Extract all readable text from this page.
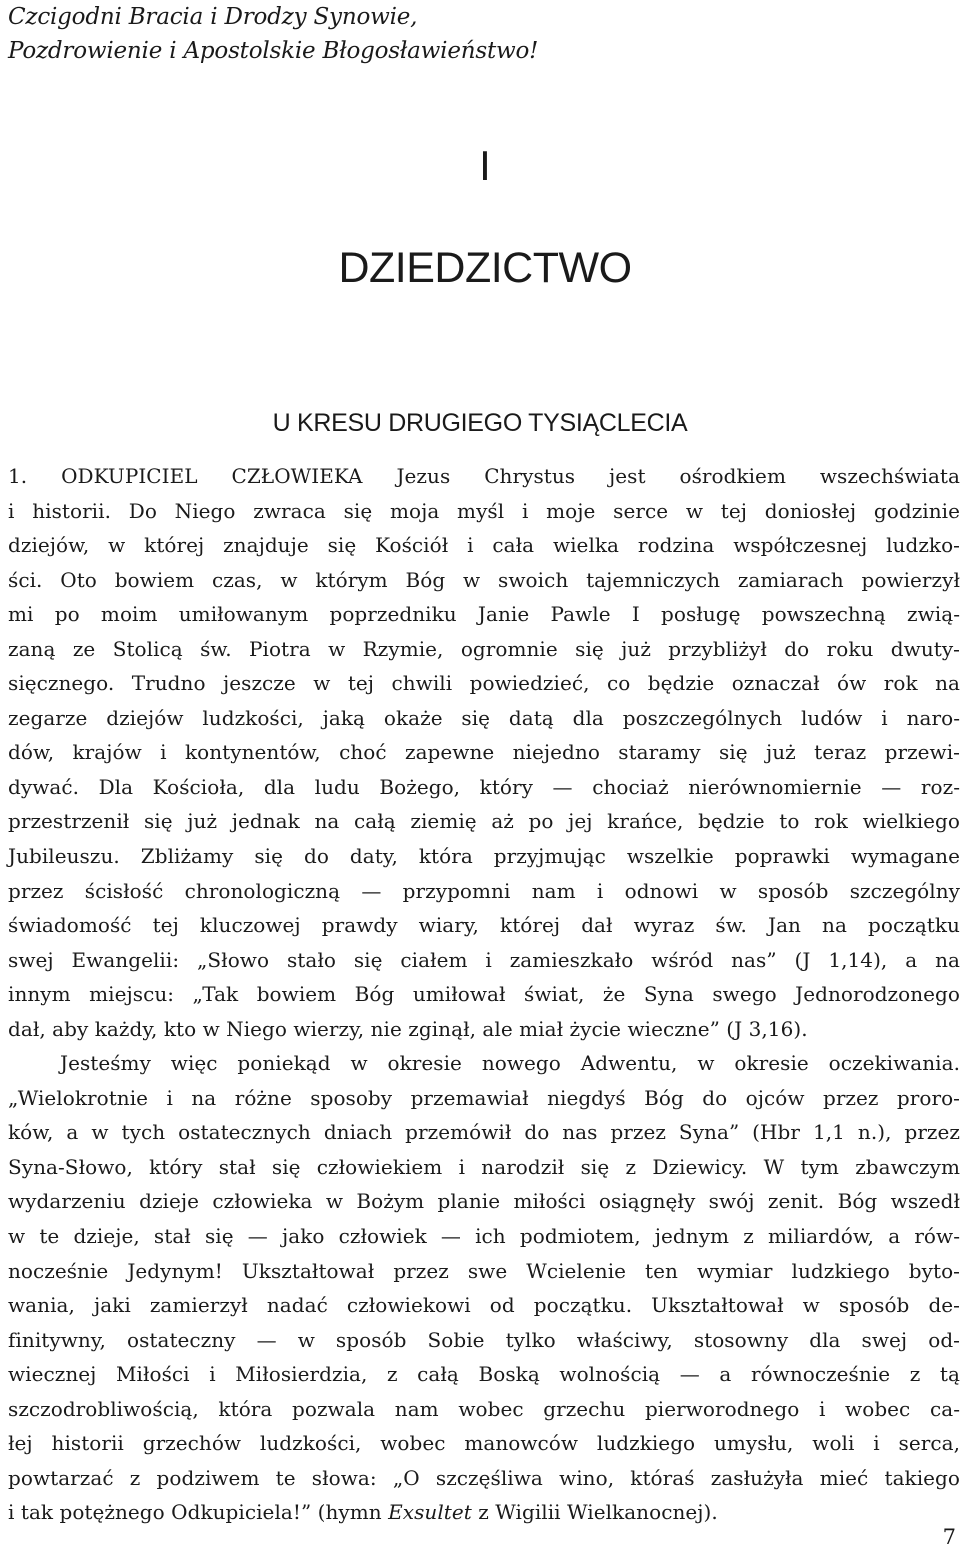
Czcigodni Bracia i Drodzy Synowie,
Pozdrowienie i Apostolskie Błogosławieństwo!
I
DZIEDZICTWO
U KRESU DRUGIEGO TYSIĄCLECIA
1. ODKUPICIEL CZŁOWIEKA Jezus Chrystus jest ośrodkiem wszechświata
i historii. Do Niego zwraca się moja myśl i moje serce w tej doniosłej godzinie
dziejów, w której znajduje się Kościół i cała wielka rodzina współczesnej ludzko-
ści. Oto bowiem czas, w którym Bóg w swoich tajemniczych zamiarach powierzył
mi po moim umiłowanym poprzedniku Janie Pawle I posługę powszechną zwią-
zaną ze Stolicą św. Piotra w Rzymie, ogromnie się już przybliżył do roku dwuty-
sięcznego. Trudno jeszcze w tej chwili powiedzieć, co będzie oznaczał ów rok na
zegarze dziejów ludzkości, jaką okaże się datą dla poszczególnych ludów i naro-
dów, krajów i kontynentów, choć zapewne niejedno staramy się już teraz przewi-
dywać. Dla Kościoła, dla ludu Bożego, który — chociaż nierównomiernie — roz-
przestrzenił się już jednak na całą ziemię aż po jej krańce, będzie to rok wielkiego
Jubileuszu. Zbliżamy się do daty, która przyjmując wszelkie poprawki wymagane
przez ścisłość chronologiczną — przypomni nam i odnowi w sposób szczególny
świadomość tej kluczowej prawdy wiary, której dał wyraz św. Jan na początku
swej Ewangelii: „Słowo stało się ciałem i zamieszkało wśród nas” (J 1,14), a na
innym miejscu: „Tak bowiem Bóg umiłował świat, że Syna swego Jednorodzonego
dał, aby każdy, kto w Niego wierzy, nie zginął, ale miał życie wieczne” (J 3,16).
Jesteśmy więc poniekąd w okresie nowego Adwentu, w okresie oczekiwania.
„Wielokrotnie i na różne sposoby przemawiał niegdyś Bóg do ojców przez proro-
ków, a w tych ostatecznych dniach przemówił do nas przez Syna” (Hbr 1,1 n.), przez
Syna-Słowo, który stał się człowiekiem i narodził się z Dziewicy. W tym zbawczym
wydarzeniu dzieje człowieka w Bożym planie miłości osiągnęły swój zenit. Bóg wszedł
w te dzieje, stał się — jako człowiek — ich podmiotem, jednym z miliardów, a rów-
nocześnie Jedynym! Ukształtował przez swe Wcielenie ten wymiar ludzkiego byto-
wania, jaki zamierzył nadać człowiekowi od początku. Ukształtował w sposób de-
finitywny, ostateczny — w sposób Sobie tylko właściwy, stosowny dla swej od-
wiecznej Miłości i Miłosierdzia, z całą Boską wolnością — a równocześnie z tą
szczodrobliwością, która pozwala nam wobec grzechu pierworodnego i wobec ca-
łej historii grzechów ludzkości, wobec manowców ludzkiego umysłu, woli i serca,
powtarzać z podziwem te słowa: „O szczęśliwa wino, któraś zasłużyła mieć takiego
i tak potężnego Odkupiciela!” (hymn Exsultet z Wigilii Wielkanocnej).
7
